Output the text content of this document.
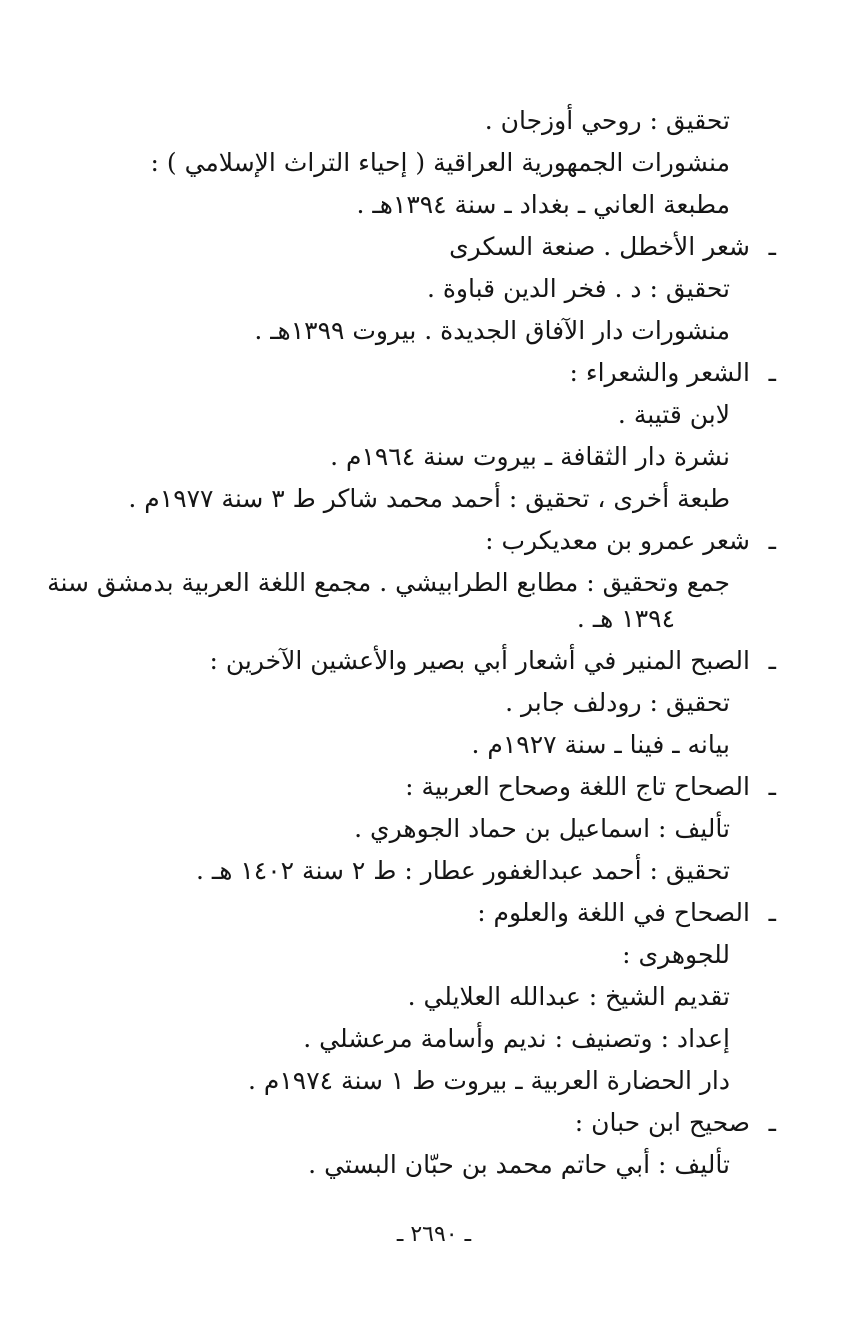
تحقيق : روحي أوزجان .
منشورات الجمهورية العراقية ( إحياء التراث الإسلامي ) :
مطبعة العاني ـ بغداد ـ سنة ١٣٩٤هـ .
ـ
شعر الأخطل . صنعة السكرى
تحقيق : د . فخر الدين قباوة .
منشورات دار الآفاق الجديدة . بيروت ١٣٩٩هـ .
ـ
الشعر والشعراء :
لابن قتيبة .
نشرة دار الثقافة ـ بيروت سنة ١٩٦٤م .
طبعة أخرى ، تحقيق : أحمد محمد شاكر ط ٣ سنة ١٩٧٧م .
ـ
شعر عمرو بن معديكرب :
جمع وتحقيق : مطابع الطرابيشي . مجمع اللغة العربية بدمشق سنة
١٣٩٤ هـ .
ـ
الصبح المنير في أشعار أبي بصير والأعشين الآخرين :
تحقيق : رودلف جابر .
بيانه ـ فينا ـ سنة ١٩٢٧م .
ـ
الصحاح تاج اللغة وصحاح العربية :
تأليف : اسماعيل بن حماد الجوهري .
تحقيق : أحمد عبدالغفور عطار : ط ٢ سنة ١٤٠٢ هـ .
ـ
الصحاح في اللغة والعلوم :
للجوهرى :
تقديم الشيخ : عبدالله العلايلي .
إعداد : وتصنيف : نديم وأسامة مرعشلي .
دار الحضارة العربية ـ بيروت ط ١ سنة ١٩٧٤م .
ـ
صحيح ابن حبان :
تأليف : أبي حاتم محمد بن حبّان البستي .
ـ ٢٦٩٠ ـ
